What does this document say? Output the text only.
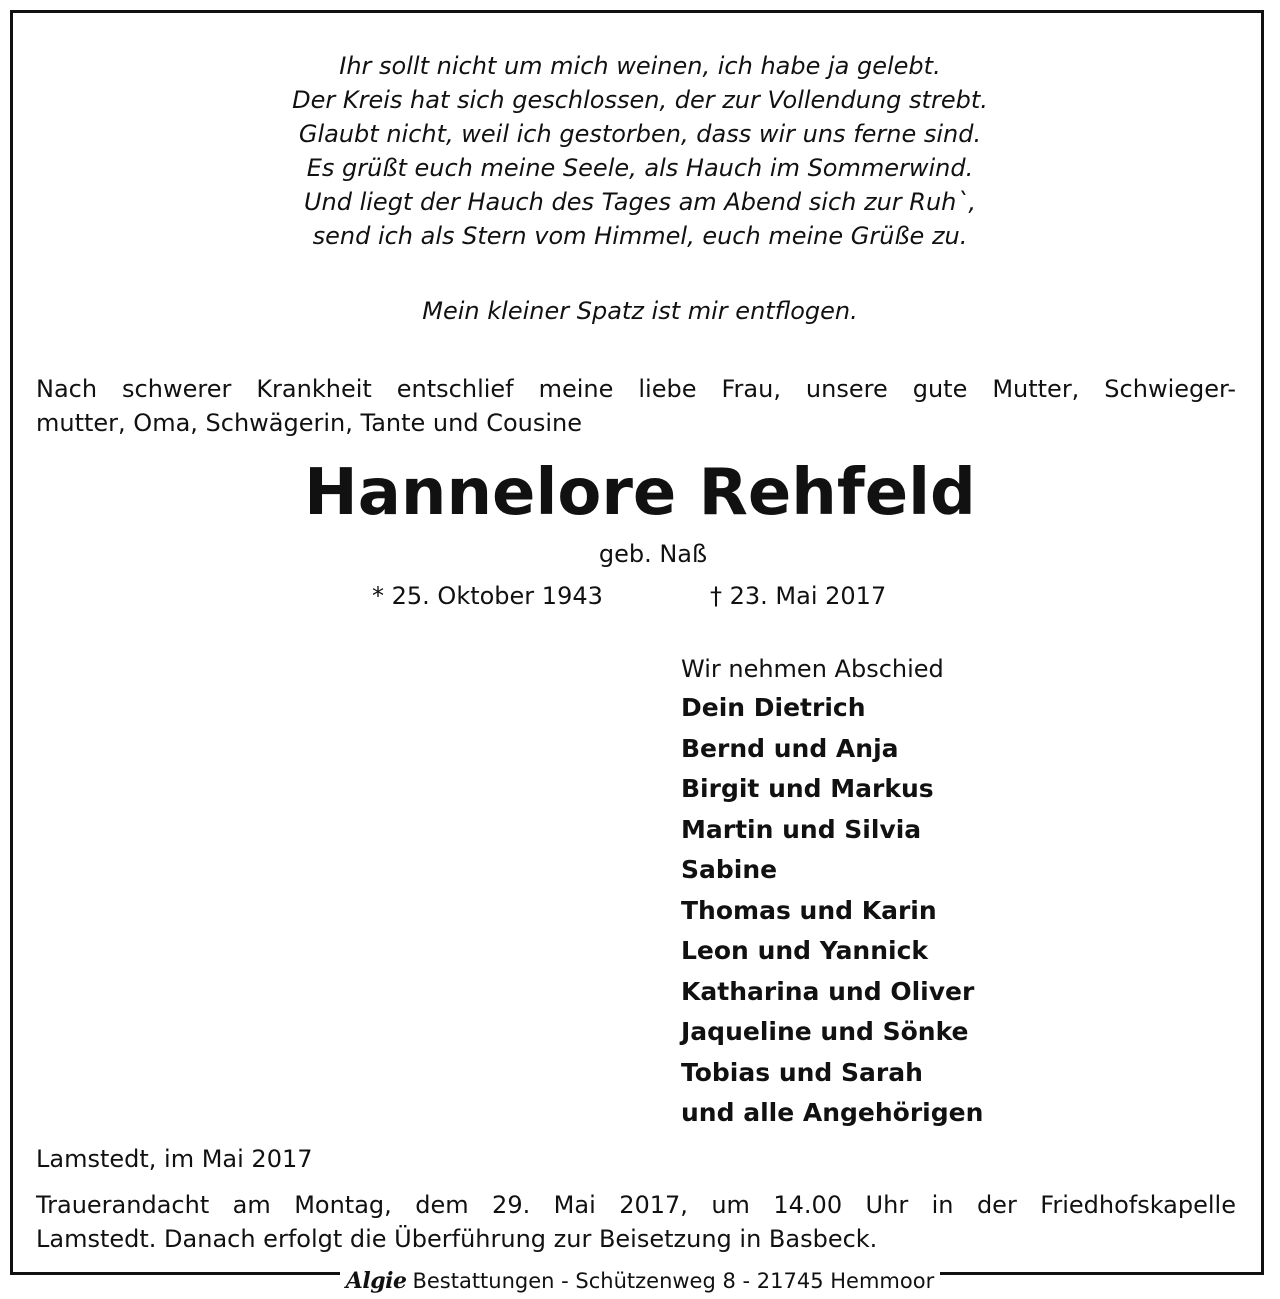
Ihr sollt nicht um mich weinen, ich habe ja gelebt.
Der Kreis hat sich geschlossen, der zur Vollendung strebt.
Glaubt nicht, weil ich gestorben, dass wir uns ferne sind.
Es grüßt euch meine Seele, als Hauch im Sommerwind.
Und liegt der Hauch des Tages am Abend sich zur Ruh`,
send ich als Stern vom Himmel, euch meine Grüße zu.
Mein kleiner Spatz ist mir entflogen.
Nach schwerer Krankheit entschlief meine liebe Frau, unsere gute Mutter, Schwieger-
mutter, Oma, Schwägerin, Tante und Cousine
Hannelore Rehfeld
geb. Naß
* 25. Oktober 1943	† 23. Mai 2017
Wir nehmen Abschied
Dein Dietrich
Bernd und Anja
Birgit und Markus
Martin und Silvia
Sabine
Thomas und Karin
Leon und Yannick
Katharina und Oliver
Jaqueline und Sönke
Tobias und Sarah
und alle Angehörigen
Lamstedt, im Mai 2017
Trauerandacht am Montag, dem 29. Mai 2017, um 14.00 Uhr in der Friedhofskapelle
Lamstedt. Danach erfolgt die Überführung zur Beisetzung in Basbeck.
Algie Bestattungen - Schützenweg 8 - 21745 Hemmoor
